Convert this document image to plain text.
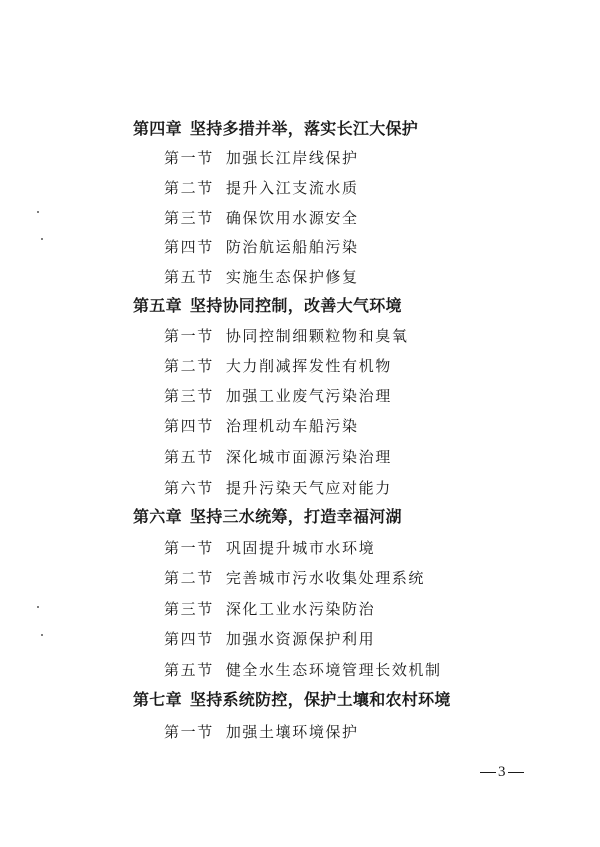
第四章 坚持多措并举，落实长江大保护
第一节 加强长江岸线保护
第二节 提升入江支流水质
第三节 确保饮用水源安全
第四节 防治航运船舶污染
第五节 实施生态保护修复
第五章 坚持协同控制，改善大气环境
第一节 协同控制细颗粒物和臭氧
第二节 大力削减挥发性有机物
第三节 加强工业废气污染治理
第四节 治理机动车船污染
第五节 深化城市面源污染治理
第六节 提升污染天气应对能力
第六章 坚持三水统筹，打造幸福河湖
第一节 巩固提升城市水环境
第二节 完善城市污水收集处理系统
第三节 深化工业水污染防治
第四节 加强水资源保护利用
第五节 健全水生态环境管理长效机制
第七章 坚持系统防控，保护土壤和农村环境
第一节 加强土壤环境保护
3
